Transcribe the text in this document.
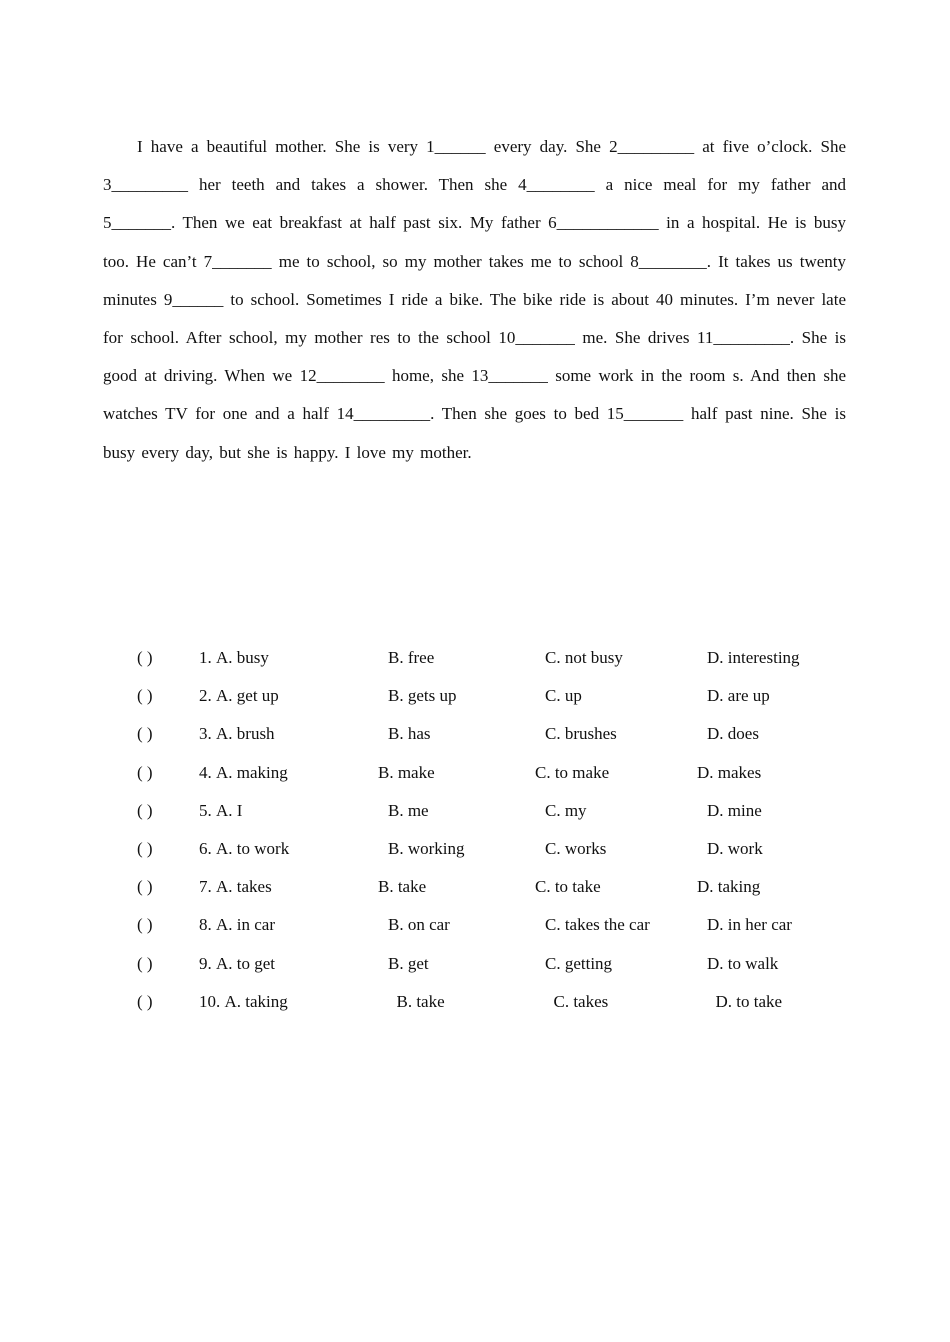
I have a beautiful mother. She is very 1______ every day. She 2_________ at five o’clock. She 3_________ her teeth and takes a shower. Then she 4________ a nice meal for my father and 5_______. Then we eat breakfast at half past six. My father 6____________ in a hospital. He is busy too. He can’t 7_______ me to school, so my mother takes me to school 8________. It takes us twenty minutes 9______ to school. Sometimes I ride a bike. The bike ride is about 40 minutes. I’m never late for school. After school, my mother res to the school 10_______ me. She drives 11_________. She is good at driving. When we 12________ home, she 13_______ some work in the room s. And then she watches TV for one and a half 14_________. Then she goes to bed 15_______ half past nine. She is busy every day, but she is happy. I love my mother.

( )	1. A. busy	B. free	C. not busy	D. interesting
( )	2. A. get up	B. gets up	C. up	D. are up
( )	3. A. brush	B. has	C. brushes	D. does
( )	4. A. making	B. make	C. to make	D. makes
( )	5. A. I	B. me	C. my	D. mine
( )	6. A. to work	B. working	C. works	D. work
( )	7. A. takes	B. take	C. to take	D. taking
( )	8. A. in car	B. on car	C. takes the car	D. in her car
( )	9. A. to get	B. get	C. getting	D. to walk
( )	10. A. taking	B. take	C. takes	D. to take
